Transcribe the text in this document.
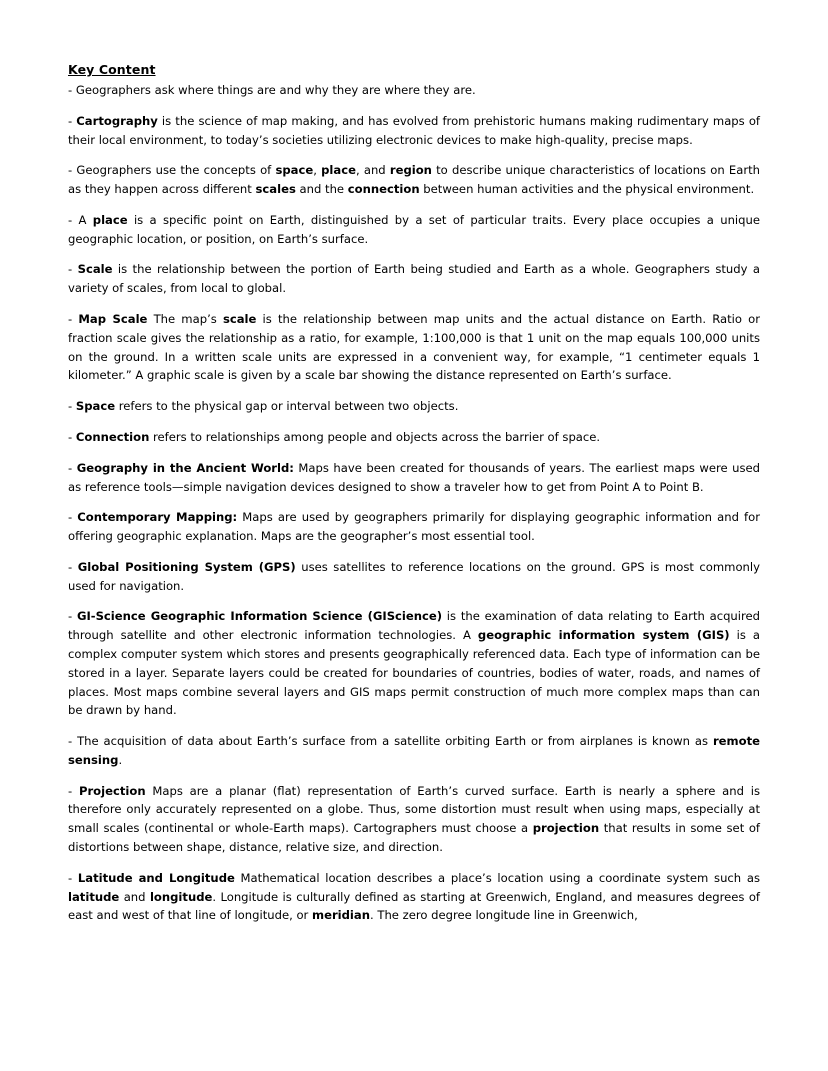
Key Content

- Geographers ask where things are and why they are where they are.

- Cartography is the science of map making, and has evolved from prehistoric humans making rudimentary maps of their local environment, to today’s societies utilizing electronic devices to make high-quality, precise maps.

- Geographers use the concepts of space, place, and region to describe unique characteristics of locations on Earth as they happen across different scales and the connection between human activities and the physical environment.

- A place is a specific point on Earth, distinguished by a set of particular traits. Every place occupies a unique geographic location, or position, on Earth’s surface.

- Scale is the relationship between the portion of Earth being studied and Earth as a whole. Geographers study a variety of scales, from local to global.

- Map Scale The map’s scale is the relationship between map units and the actual distance on Earth. Ratio or fraction scale gives the relationship as a ratio, for example, 1:100,000 is that 1 unit on the map equals 100,000 units on the ground. In a written scale units are expressed in a convenient way, for example, “1 centimeter equals 1 kilometer.” A graphic scale is given by a scale bar showing the distance represented on Earth’s surface.

- Space refers to the physical gap or interval between two objects.

- Connection refers to relationships among people and objects across the barrier of space.

- Geography in the Ancient World: Maps have been created for thousands of years. The earliest maps were used as reference tools—simple navigation devices designed to show a traveler how to get from Point A to Point B.

- Contemporary Mapping: Maps are used by geographers primarily for displaying geographic information and for offering geographic explanation. Maps are the geographer’s most essential tool.

- Global Positioning System (GPS) uses satellites to reference locations on the ground. GPS is most commonly used for navigation.

- GI-Science Geographic Information Science (GIScience) is the examination of data relating to Earth acquired through satellite and other electronic information technologies. A geographic information system (GIS) is a complex computer system which stores and presents geographically referenced data. Each type of information can be stored in a layer. Separate layers could be created for boundaries of countries, bodies of water, roads, and names of places. Most maps combine several layers and GIS maps permit construction of much more complex maps than can be drawn by hand.

- The acquisition of data about Earth’s surface from a satellite orbiting Earth or from airplanes is known as remote sensing.

- Projection Maps are a planar (flat) representation of Earth’s curved surface. Earth is nearly a sphere and is therefore only accurately represented on a globe. Thus, some distortion must result when using maps, especially at small scales (continental or whole-Earth maps). Cartographers must choose a projection that results in some set of distortions between shape, distance, relative size, and direction.

- Latitude and Longitude Mathematical location describes a place’s location using a coordinate system such as latitude and longitude. Longitude is culturally defined as starting at Greenwich, England, and measures degrees of east and west of that line of longitude, or meridian. The zero degree longitude line in Greenwich,
